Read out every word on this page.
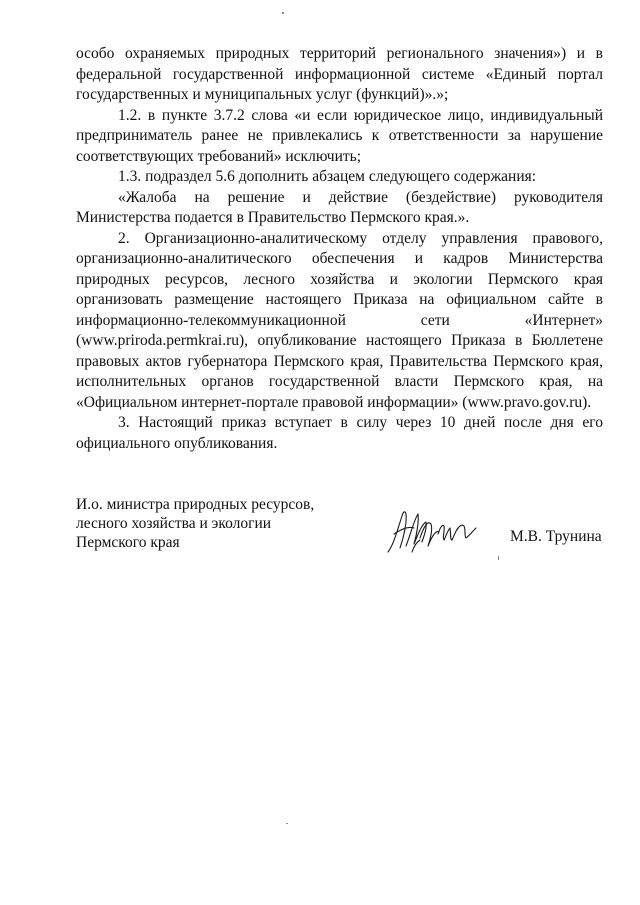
особо охраняемых природных территорий регионального значения») и в федеральной государственной информационной системе «Единый портал государственных и муниципальных услуг (функций)».»;

1.2. в пункте 3.7.2 слова «и если юридическое лицо, индивидуальный предприниматель ранее не привлекались к ответственности за нарушение соответствующих требований» исключить;

1.3. подраздел 5.6 дополнить абзацем следующего содержания:

«Жалоба на решение и действие (бездействие) руководителя Министерства подается в Правительство Пермского края.».

2. Организационно-аналитическому отделу управления правового, организационно-аналитического обеспечения и кадров Министерства природных ресурсов, лесного хозяйства и экологии Пермского края организовать размещение настоящего Приказа на официальном сайте в информационно-телекоммуникационной сети «Интернет» (www.priroda.permkrai.ru), опубликование настоящего Приказа в Бюллетене правовых актов губернатора Пермского края, Правительства Пермского края, исполнительных органов государственной власти Пермского края, на «Официальном интернет-портале правовой информации» (www.pravo.gov.ru).

3. Настоящий приказ вступает в силу через 10 дней после дня его официального опубликования.

И.о. министра природных ресурсов,
лесного хозяйства и экологии
Пермского края	М.В. Трунина
